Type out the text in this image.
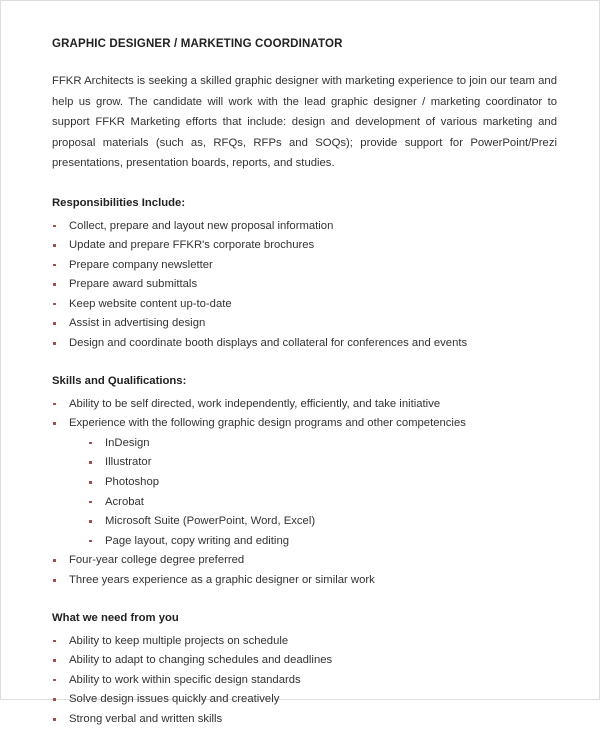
GRAPHIC DESIGNER / MARKETING COORDINATOR

FFKR Architects is seeking a skilled graphic designer with marketing experience to join our team and help us grow. The candidate will work with the lead graphic designer / marketing coordinator to support FFKR Marketing efforts that include: design and development of various marketing and proposal materials (such as, RFQs, RFPs and SOQs); provide support for PowerPoint/Prezi presentations, presentation boards, reports, and studies.

Responsibilities Include:
Collect, prepare and layout new proposal information
Update and prepare FFKR's corporate brochures
Prepare company newsletter
Prepare award submittals
Keep website content up-to-date
Assist in advertising design
Design and coordinate booth displays and collateral for conferences and events
Skills and Qualifications:
Ability to be self directed, work independently, efficiently, and take initiative
Experience with the following graphic design programs and other competencies
InDesign
Illustrator
Photoshop
Acrobat
Microsoft Suite (PowerPoint, Word, Excel)
Page layout, copy writing and editing
Four-year college degree preferred
Three years experience as a graphic designer or similar work
What we need from you
Ability to keep multiple projects on schedule
Ability to adapt to changing schedules and deadlines
Ability to work within specific design standards
Solve design issues quickly and creatively
Strong verbal and written skills
